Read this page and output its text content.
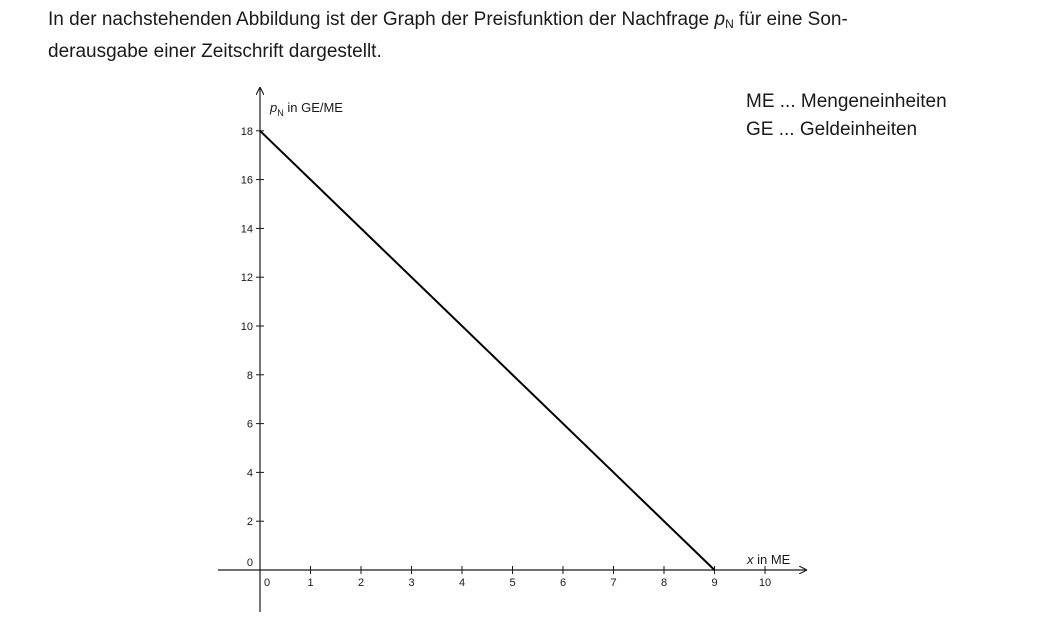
In der nachstehenden Abbildung ist der Graph der Preisfunktion der Nachfrage $p_N$ für eine Son-
derausgabe einer Zeitschrift dargestellt.

ME ... Mengeneinheiten
GE ... Geldeinheiten
0	1	2	3	4	5	6	7	8	9	10
0
2
4
6
8
10
12
14
16
18
$p_N$ in GE/ME
x in ME
